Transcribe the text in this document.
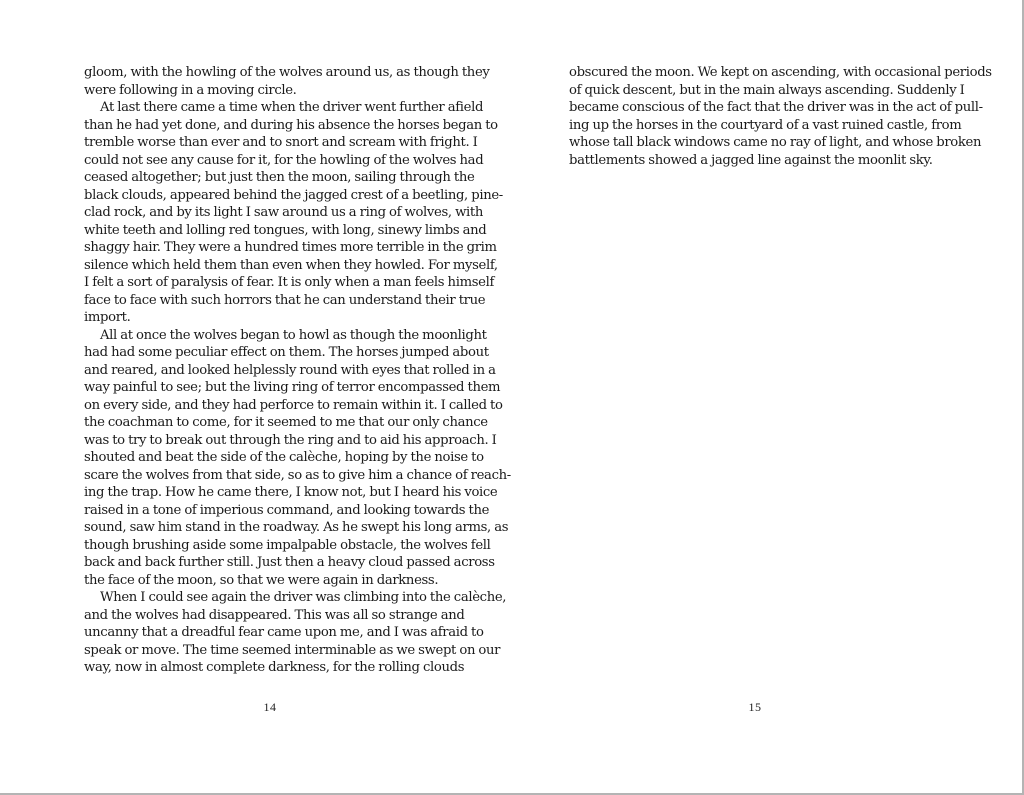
gloom, with the howling of the wolves around us, as though they
were following in a moving circle.
At last there came a time when the driver went further afield
than he had yet done, and during his absence the horses began to
tremble worse than ever and to snort and scream with fright. I
could not see any cause for it, for the howling of the wolves had
ceased altogether; but just then the moon, sailing through the
black clouds, appeared behind the jagged crest of a beetling, pine-
clad rock, and by its light I saw around us a ring of wolves, with
white teeth and lolling red tongues, with long, sinewy limbs and
shaggy hair. They were a hundred times more terrible in the grim
silence which held them than even when they howled. For myself,
I felt a sort of paralysis of fear. It is only when a man feels himself
face to face with such horrors that he can understand their true
import.
All at once the wolves began to howl as though the moonlight
had had some peculiar effect on them. The horses jumped about
and reared, and looked helplessly round with eyes that rolled in a
way painful to see; but the living ring of terror encompassed them
on every side, and they had perforce to remain within it. I called to
the coachman to come, for it seemed to me that our only chance
was to try to break out through the ring and to aid his approach. I
shouted and beat the side of the calèche, hoping by the noise to
scare the wolves from that side, so as to give him a chance of reach-
ing the trap. How he came there, I know not, but I heard his voice
raised in a tone of imperious command, and looking towards the
sound, saw him stand in the roadway. As he swept his long arms, as
though brushing aside some impalpable obstacle, the wolves fell
back and back further still. Just then a heavy cloud passed across
the face of the moon, so that we were again in darkness.
When I could see again the driver was climbing into the calèche,
and the wolves had disappeared. This was all so strange and
uncanny that a dreadful fear came upon me, and I was afraid to
speak or move. The time seemed interminable as we swept on our
way, now in almost complete darkness, for the rolling clouds
14
obscured the moon. We kept on ascending, with occasional periods
of quick descent, but in the main always ascending. Suddenly I
became conscious of the fact that the driver was in the act of pull-
ing up the horses in the courtyard of a vast ruined castle, from
whose tall black windows came no ray of light, and whose broken
battlements showed a jagged line against the moonlit sky.
15
